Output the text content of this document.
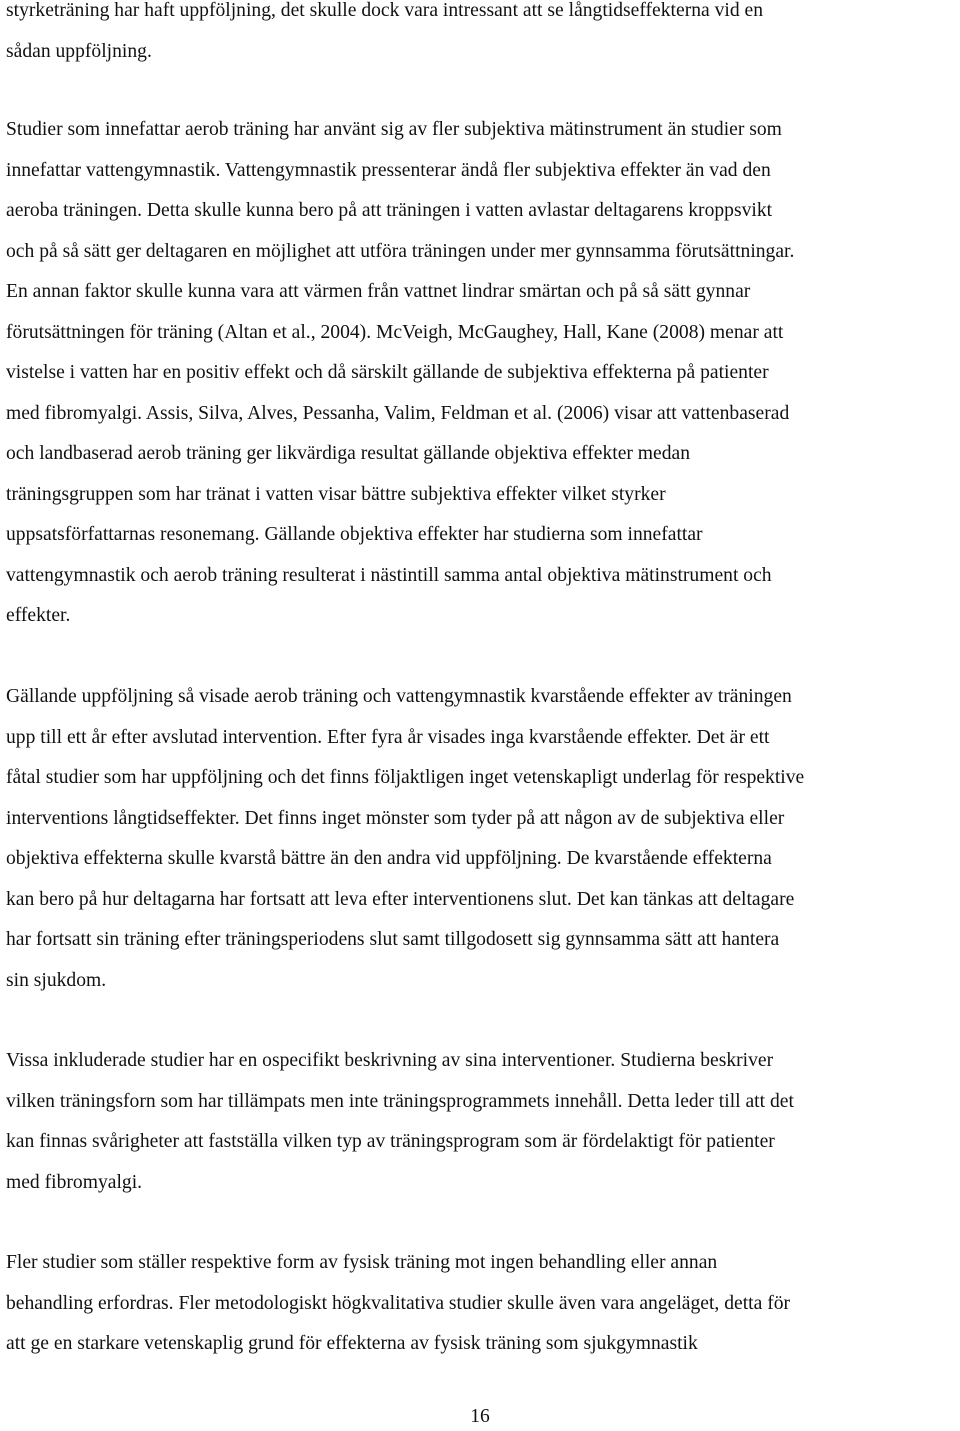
styrketräning har haft uppföljning, det skulle dock vara intressant att se långtidseffekterna vid en
sådan uppföljning.

Studier som innefattar aerob träning har använt sig av fler subjektiva mätinstrument än studier som
innefattar vattengymnastik. Vattengymnastik pressenterar ändå fler subjektiva effekter än vad den
aeroba träningen. Detta skulle kunna bero på att träningen i vatten avlastar deltagarens kroppsvikt
och på så sätt ger deltagaren en möjlighet att utföra träningen under mer gynnsamma förutsättningar.
En annan faktor skulle kunna vara att värmen från vattnet lindrar smärtan och på så sätt gynnar
förutsättningen för träning (Altan et al., 2004). McVeigh, McGaughey, Hall, Kane (2008) menar att
vistelse i vatten har en positiv effekt och då särskilt gällande de subjektiva effekterna på patienter
med fibromyalgi. Assis, Silva, Alves, Pessanha, Valim, Feldman et al. (2006) visar att vattenbaserad
och landbaserad aerob träning ger likvärdiga resultat gällande objektiva effekter medan
träningsgruppen som har tränat i vatten visar bättre subjektiva effekter vilket styrker
uppsatsförfattarnas resonemang. Gällande objektiva effekter har studierna som innefattar
vattengymnastik och aerob träning resulterat i nästintill samma antal objektiva mätinstrument och
effekter.

Gällande uppföljning så visade aerob träning och vattengymnastik kvarstående effekter av träningen
upp till ett år efter avslutad intervention. Efter fyra år visades inga kvarstående effekter. Det är ett
fåtal studier som har uppföljning och det finns följaktligen inget vetenskapligt underlag för respektive
interventions långtidseffekter. Det finns inget mönster som tyder på att någon av de subjektiva eller
objektiva effekterna skulle kvarstå bättre än den andra vid uppföljning. De kvarstående effekterna
kan bero på hur deltagarna har fortsatt att leva efter interventionens slut. Det kan tänkas att deltagare
har fortsatt sin träning efter träningsperiodens slut samt tillgodosett sig gynnsamma sätt att hantera
sin sjukdom.

Vissa inkluderade studier har en ospecifikt beskrivning av sina interventioner. Studierna beskriver
vilken träningsforn som har tillämpats men inte träningsprogrammets innehåll. Detta leder till att det
kan finnas svårigheter att fastställa vilken typ av träningsprogram som är fördelaktigt för patienter
med fibromyalgi.

Fler studier som ställer respektive form av fysisk träning mot ingen behandling eller annan
behandling erfordras. Fler metodologiskt högkvalitativa studier skulle även vara angeläget, detta för
att ge en starkare vetenskaplig grund för effekterna av fysisk träning som sjukgymnastik

16
